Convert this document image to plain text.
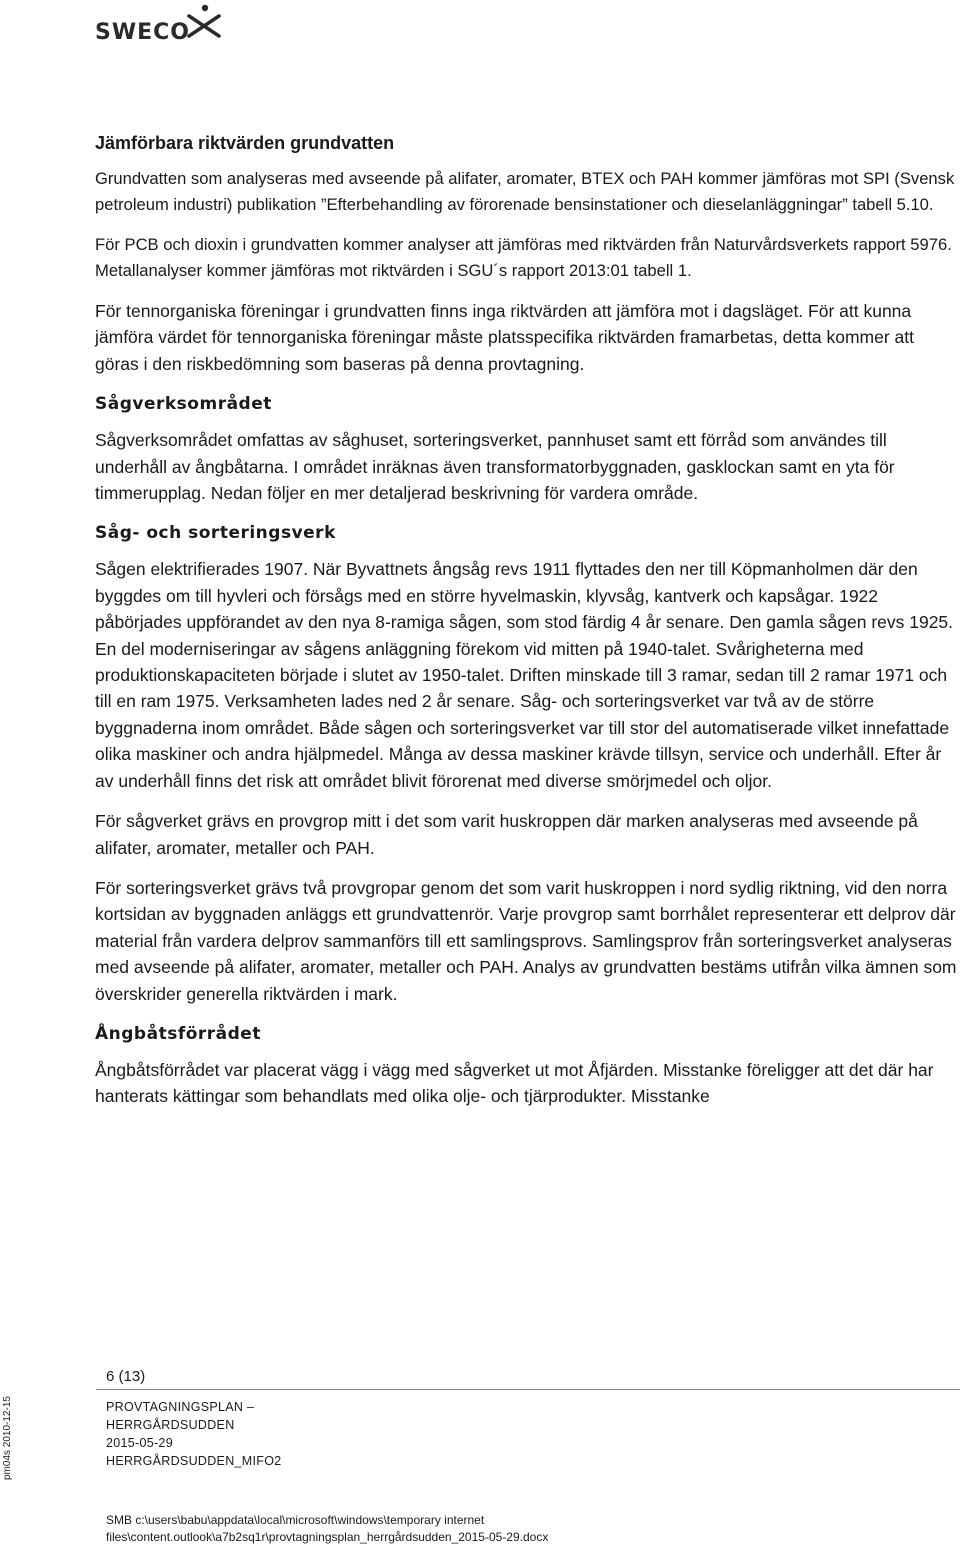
SWECO
Jämförbara riktvärden grundvatten

Grundvatten som analyseras med avseende på alifater, aromater, BTEX och PAH kommer jämföras mot SPI (Svensk petroleum industri) publikation ”Efterbehandling av förorenade bensinstationer och dieselanläggningar” tabell 5.10.

För PCB och dioxin i grundvatten kommer analyser att jämföras med riktvärden från Naturvårdsverkets rapport 5976. Metallanalyser kommer jämföras mot riktvärden i SGU´s rapport 2013:01 tabell 1.

För tennorganiska föreningar i grundvatten finns inga riktvärden att jämföra mot i dagsläget. För att kunna jämföra värdet för tennorganiska föreningar måste platsspecifika riktvärden framarbetas, detta kommer att göras i den riskbedömning som baseras på denna provtagning.

Sågverksområdet

Sågverksområdet omfattas av såghuset, sorteringsverket, pannhuset samt ett förråd som användes till underhåll av ångbåtarna. I området inräknas även transformatorbyggnaden, gasklockan samt en yta för timmerupplag. Nedan följer en mer detaljerad beskrivning för vardera område.

Såg- och sorteringsverk

Sågen elektrifierades 1907. När Byvattnets ångsåg revs 1911 flyttades den ner till Köpmanholmen där den byggdes om till hyvleri och försågs med en större hyvelmaskin, klyvsåg, kantverk och kapsågar. 1922 påbörjades uppförandet av den nya 8-ramiga sågen, som stod färdig 4 år senare. Den gamla sågen revs 1925. En del moderniseringar av sågens anläggning förekom vid mitten på 1940-talet. Svårigheterna med produktionskapaciteten började i slutet av 1950-talet. Driften minskade till 3 ramar, sedan till 2 ramar 1971 och till en ram 1975. Verksamheten lades ned 2 år senare. Såg- och sorteringsverket var två av de större byggnaderna inom området. Både sågen och sorteringsverket var till stor del automatiserade vilket innefattade olika maskiner och andra hjälpmedel. Många av dessa maskiner krävde tillsyn, service och underhåll. Efter år av underhåll finns det risk att området blivit förorenat med diverse smörjmedel och oljor.

För sågverket grävs en provgrop mitt i det som varit huskroppen där marken analyseras med avseende på alifater, aromater, metaller och PAH.

För sorteringsverket grävs två provgropar genom det som varit huskroppen i nord sydlig riktning, vid den norra kortsidan av byggnaden anläggs ett grundvattenrör. Varje provgrop samt borrhålet representerar ett delprov där material från vardera delprov sammanförs till ett samlingsprovs. Samlingsprov från sorteringsverket analyseras med avseende på alifater, aromater, metaller och PAH. Analys av grundvatten bestäms utifrån vilka ämnen som överskrider generella riktvärden i mark.

Ångbåtsförrådet

Ångbåtsförrådet var placerat vägg i vägg med sågverket ut mot Åfjärden. Misstanke föreligger att det där har hanterats kättingar som behandlats med olika olje- och tjärprodukter. Misstanke

pm04s 2010-12-15
6 (13)
PROVTAGNINGSPLAN –
HERRGÅRDSUDDEN
2015-05-29
HERRGÅRDSUDDEN_MIFO2
SMB c:\users\babu\appdata\local\microsoft\windows\temporary internet
files\content.outlook\a7b2sq1r\provtagningsplan_herrgårdsudden_2015-05-29.docx
